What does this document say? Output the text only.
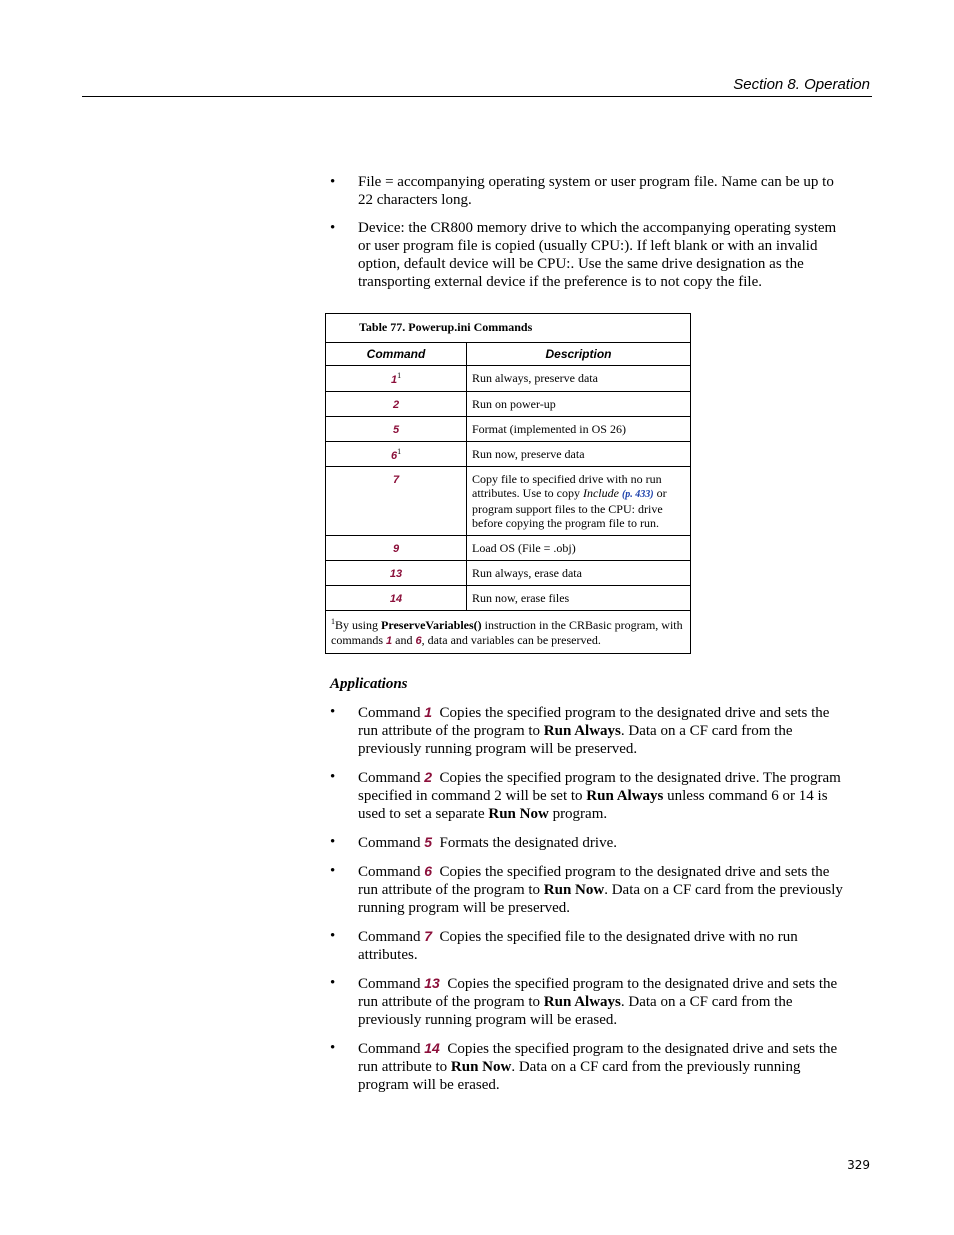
Section 8. Operation
• File = accompanying operating system or user program file. Name can be up to 22 characters long.
• Device: the CR800 memory drive to which the accompanying operating system or user program file is copied (usually CPU:). If left blank or with an invalid option, default device will be CPU:. Use the same drive designation as the transporting external device if the preference is to not copy the file.
Table 77. Powerup.ini Commands	
Command	Description
$1^1$	Run always, preserve data
2	Run on power-up
5	Format (implemented in OS 26)
$6^1$	Run now, preserve data
7	Copy file to specified drive with no run attributes. Use to copy Include (p. 433) or program support files to the CPU: drive before copying the program file to run.
9	Load OS (File = .obj)
13	Run always, erase data
14	Run now, erase files
$^1$By using PreserveVariables() instruction in the CRBasic program, with commands 1 and 6, data and variables can be preserved.	
Applications
• Command 1 Copies the specified program to the designated drive and sets the run attribute of the program to Run Always. Data on a CF card from the previously running program will be preserved.
• Command 2 Copies the specified program to the designated drive. The program specified in command 2 will be set to Run Always unless command 6 or 14 is used to set a separate Run Now program.
• Command 5 Formats the designated drive.
• Command 6 Copies the specified program to the designated drive and sets the run attribute of the program to Run Now. Data on a CF card from the previously running program will be preserved.
• Command 7 Copies the specified file to the designated drive with no run attributes.
• Command 13 Copies the specified program to the designated drive and sets the run attribute of the program to Run Always. Data on a CF card from the previously running program will be erased.
• Command 14 Copies the specified program to the designated drive and sets the run attribute to Run Now. Data on a CF card from the previously running program will be erased.
329
